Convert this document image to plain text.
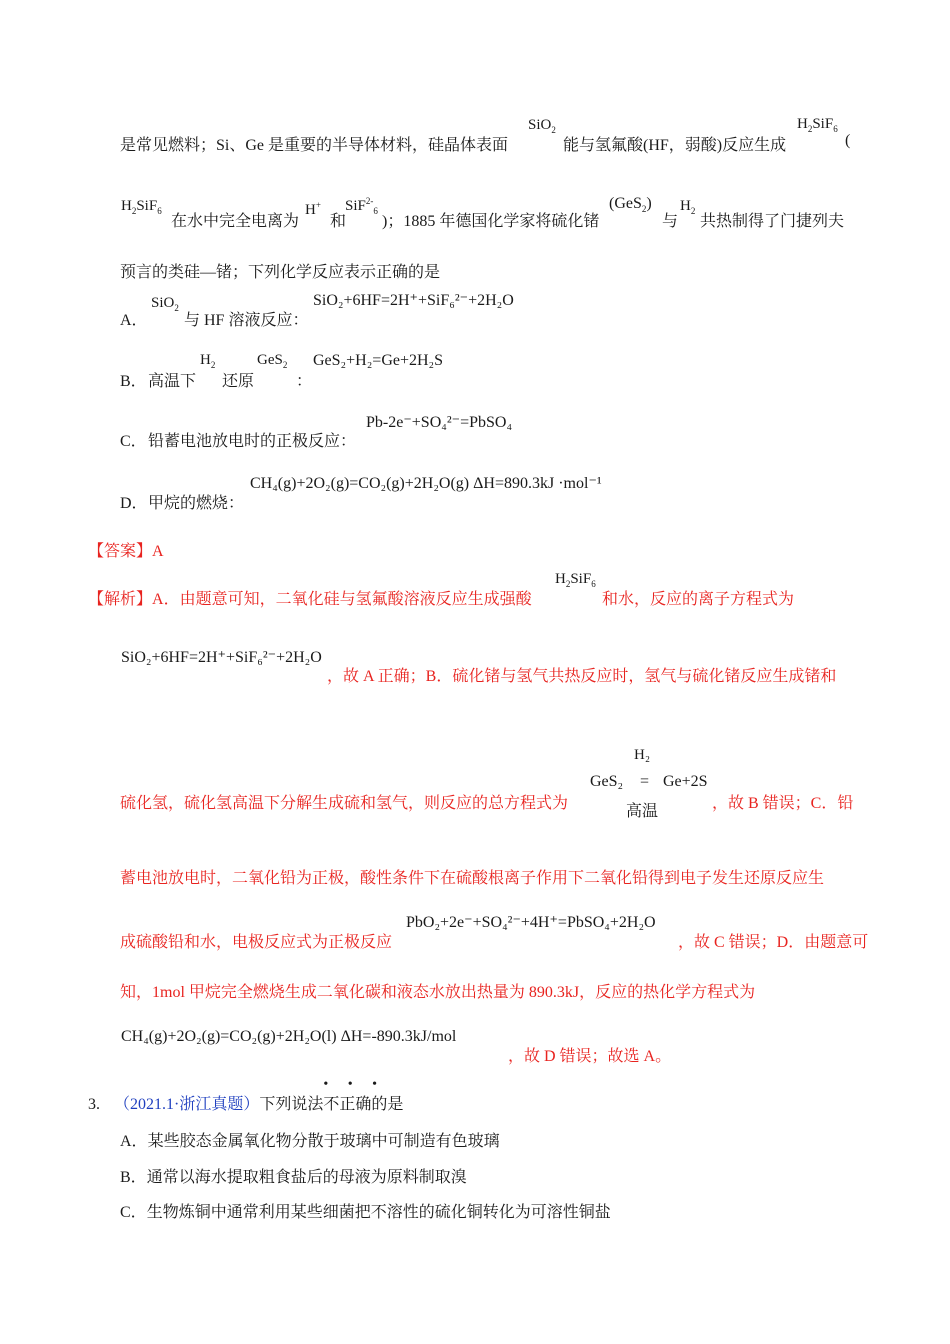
是常见燃料；Si、Ge 是重要的半导体材料，硅晶体表面
SiO$_2$
能与氢氟酸(HF，弱酸)反应生成
$H_2SiF_6$
(
$H_2SiF_6$
在水中完全电离为
H+
和
SiF$^{2-}_6$
)；1885 年德国化学家将硫化锗
(GeS$_2$)
与
$H_2$
共热制得了门捷列夫
预言的类硅—锗；下列化学反应表示正确的是
A．
SiO$_2$
与 HF 溶液反应：
SiO₂+6HF=2H⁺+SiF₆²⁻+2H₂O
B． 高温下
$H_2$
还原
GeS$_2$
：
GeS₂+H₂=Ge+2H₂S
C． 铅蓄电池放电时的正极反应：
Pb-2e⁻+SO₄²⁻=PbSO₄
D． 甲烷的燃烧：
CH₄(g)+2O₂(g)=CO₂(g)+2H₂O(g) ΔH=890.3kJ ·mol⁻¹
【答案】A
【解析】A．由题意可知，二氧化硅与氢氟酸溶液反应生成强酸
$H_2SiF_6$
和水，反应的离子方程式为
SiO₂+6HF=2H⁺+SiF₆²⁻+2H₂O
，故 A 正确；B．硫化锗与氢气共热反应时，氢气与硫化锗反应生成锗和
硫化氢，硫化氢高温下分解生成硫和氢气，则反应的总方程式为
H₂
GeS₂ = Ge+2S
高温	，故 B 错误；C．铅
蓄电池放电时，二氧化铅为正极，酸性条件下在硫酸根离子作用下二氧化铅得到电子发生还原反应生
成硫酸铅和水，电极反应式为正极反应
PbO₂+2e⁻+SO₄²⁻+4H⁺=PbSO₄+2H₂O
，故 C 错误；D．由题意可
知，1mol 甲烷完全燃烧生成二氧化碳和液态水放出热量为 890.3kJ，反应的热化学方程式为
CH₄(g)+2O₂(g)=CO₂(g)+2H₂O(l) ΔH=-890.3kJ/mol
，故 D 错误；故选 A。
3. （2021.1·浙江真题）下列说法
• • •
不正确的是
A．某些胶态金属氧化物分散于玻璃中可制造有色玻璃
B．通常以海水提取粗食盐后的母液为原料制取溴
C．生物炼铜中通常利用某些细菌把不溶性的硫化铜转化为可溶性铜盐
